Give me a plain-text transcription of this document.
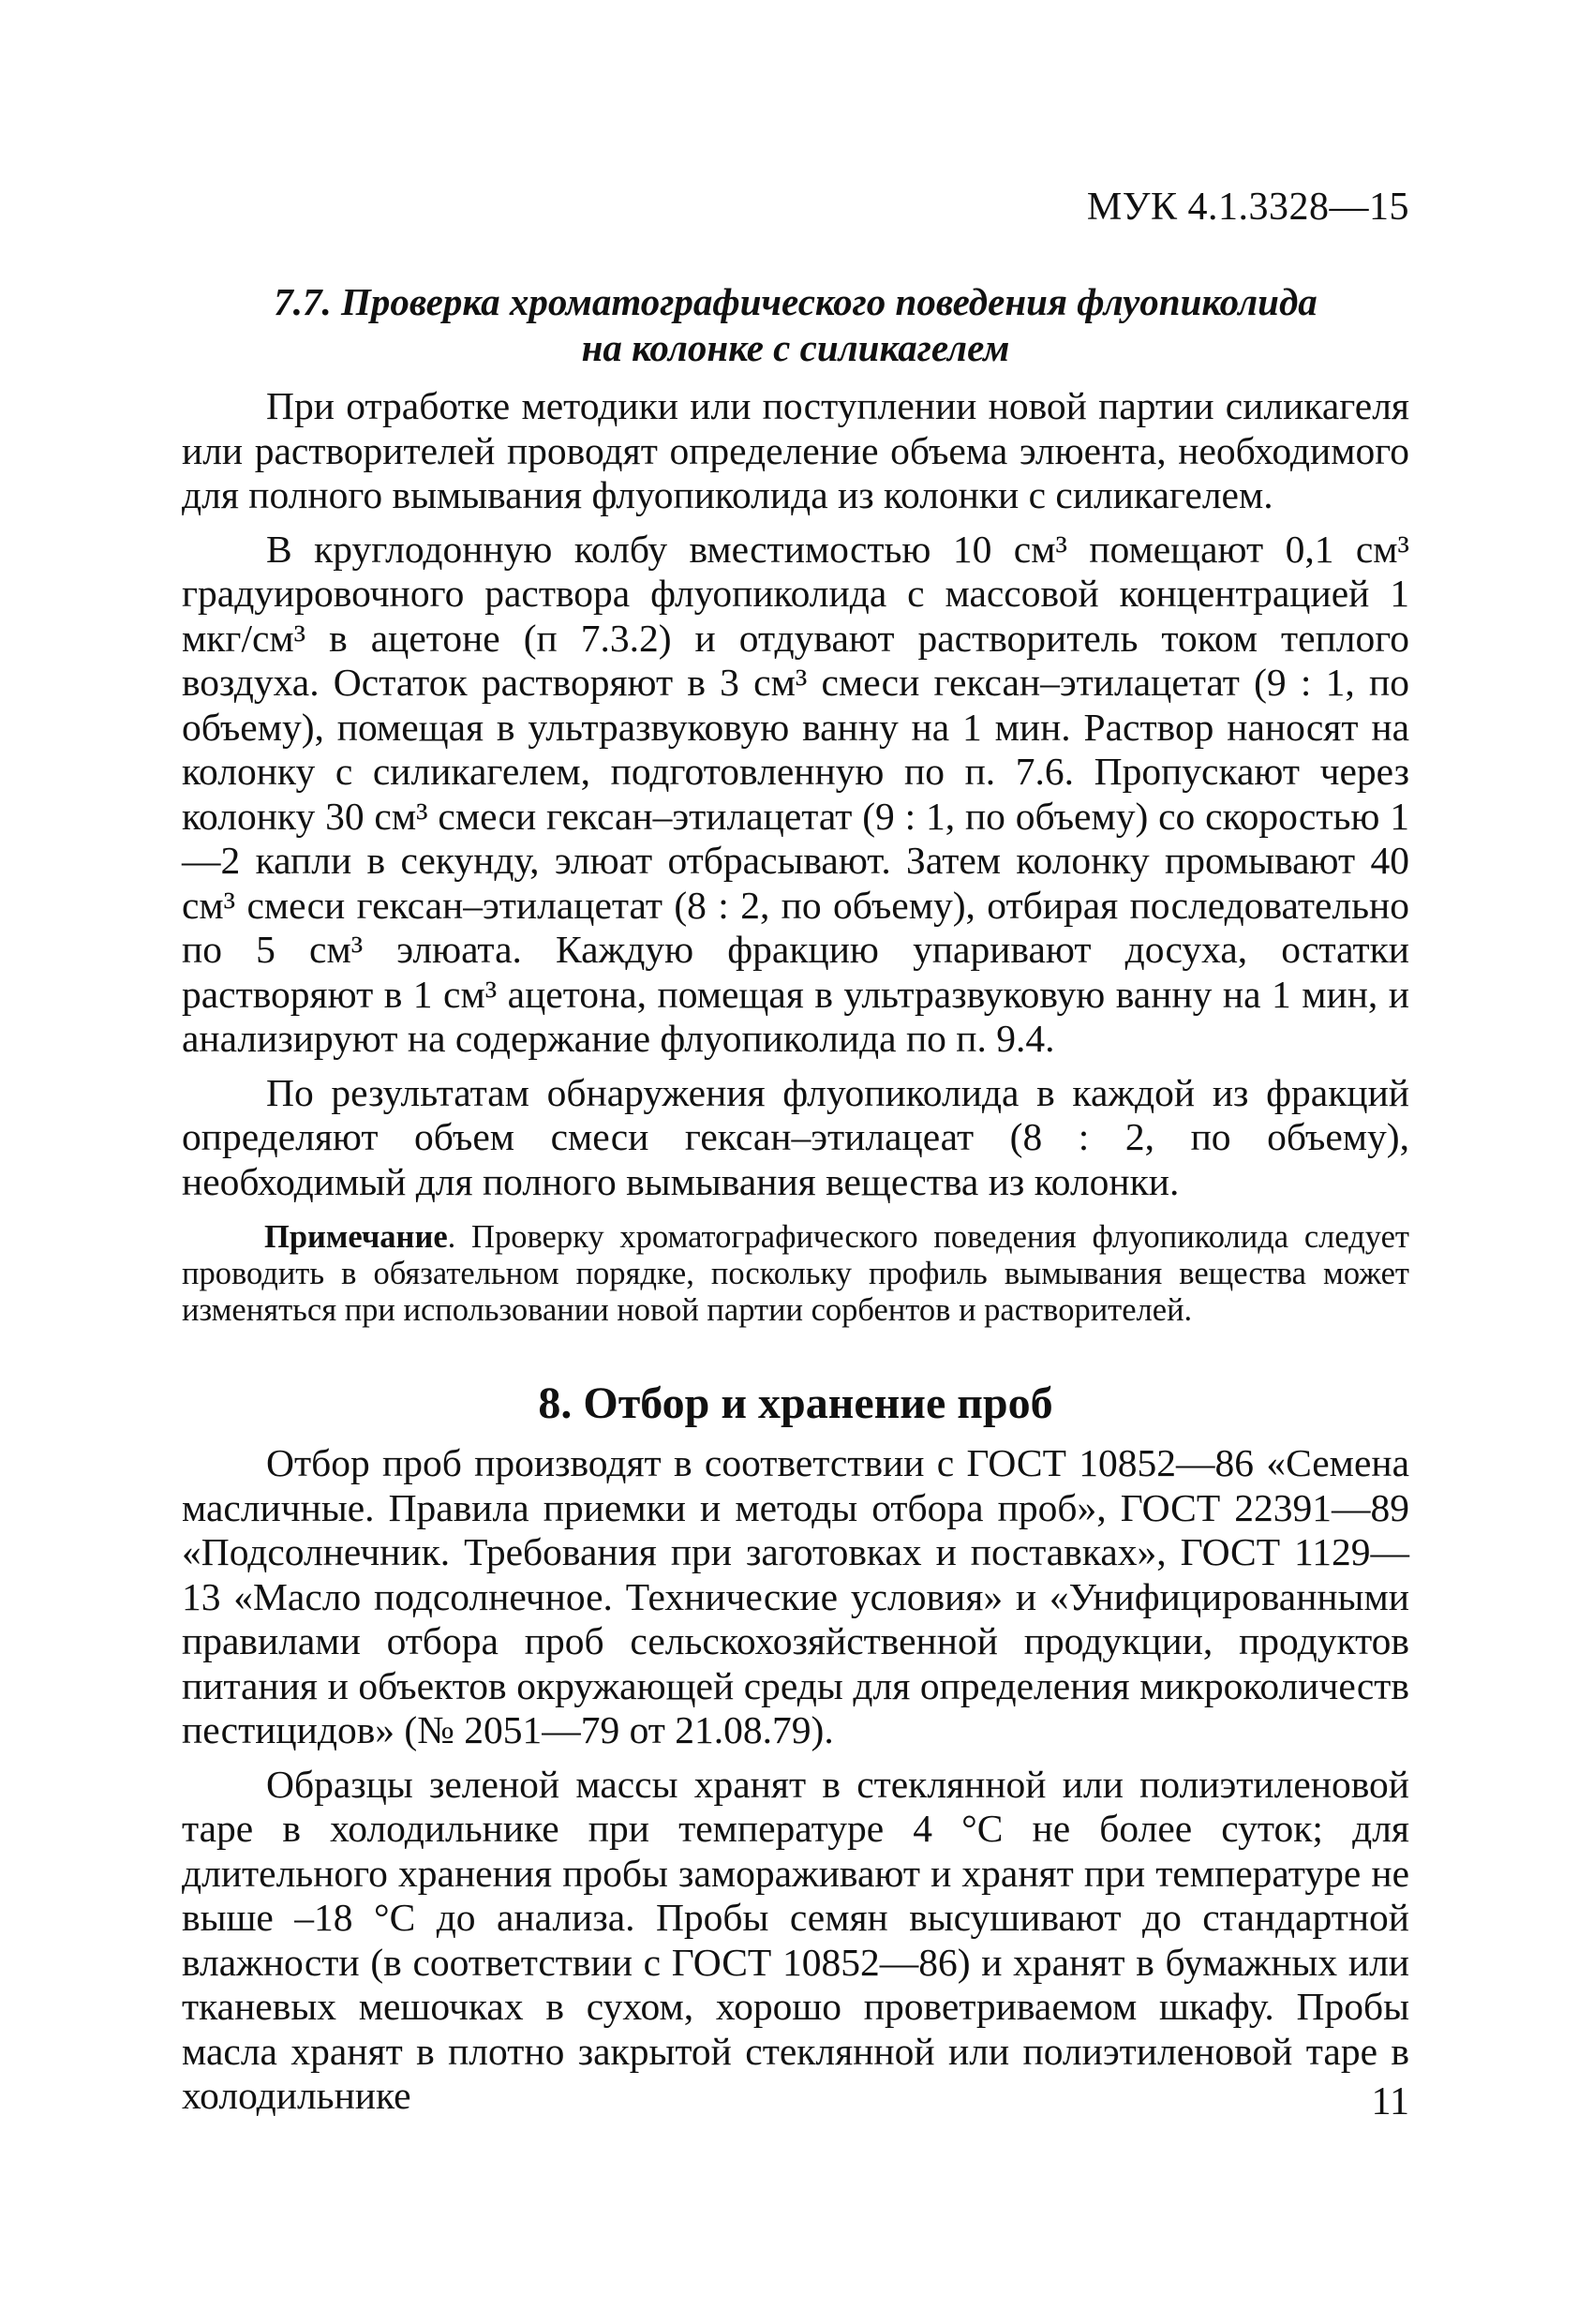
МУК 4.1.3328—15
7.7. Проверка хроматографического поведения флуопиколида
на колонке с силикагелем

При отработке методики или поступлении новой партии силикагеля или растворителей проводят определение объема элюента, необходимого для полного вымывания флуопиколида из колонки с силикагелем.

В круглодонную колбу вместимостью 10 см³ помещают 0,1 см³ градуировочного раствора флуопиколида с массовой концентрацией 1 мкг/см³ в ацетоне (п 7.3.2) и отдувают растворитель током теплого воздуха. Остаток растворяют в 3 см³ смеси гексан–этилацетат (9 : 1, по объему), помещая в ультразвуковую ванну на 1 мин. Раствор наносят на колонку с силикагелем, подготовленную по п. 7.6. Пропускают через колонку 30 см³ смеси гексан–этилацетат (9 : 1, по объему) со скоростью 1—2 капли в секунду, элюат отбрасывают. Затем колонку промывают 40 см³ смеси гексан–этилацетат (8 : 2, по объему), отбирая последовательно по 5 см³ элюата. Каждую фракцию упаривают досуха, остатки растворяют в 1 см³ ацетона, помещая в ультразвуковую ванну на 1 мин, и анализируют на содержание флуопиколида по п. 9.4.

По результатам обнаружения флуопиколида в каждой из фракций определяют объем смеси гексан–этилацеат (8 : 2, по объему), необходимый для полного вымывания вещества из колонки.

Примечание. Проверку хроматографического поведения флуопиколида следует проводить в обязательном порядке, поскольку профиль вымывания вещества может изменяться при использовании новой партии сорбентов и растворителей.

8. Отбор и хранение проб

Отбор проб производят в соответствии с ГОСТ 10852—86 «Семена масличные. Правила приемки и методы отбора проб», ГОСТ 22391—89 «Подсолнечник. Требования при заготовках и поставках», ГОСТ 1129—13 «Масло подсолнечное. Технические условия» и «Унифицированными правилами отбора проб сельскохозяйственной продукции, продуктов питания и объектов окружающей среды для определения микроколичеств пестицидов» (№ 2051—79 от 21.08.79).

Образцы зеленой массы хранят в стеклянной или полиэтиленовой таре в холодильнике при температуре 4 °С не более суток; для длительного хранения пробы замораживают и хранят при температуре не выше –18 °С до анализа. Пробы семян высушивают до стандартной влажности (в соответствии с ГОСТ 10852—86) и хранят в бумажных или тканевых мешочках в сухом, хорошо проветриваемом шкафу. Пробы масла хранят в плотно закрытой стеклянной или полиэтиленовой таре в холодильнике	11
